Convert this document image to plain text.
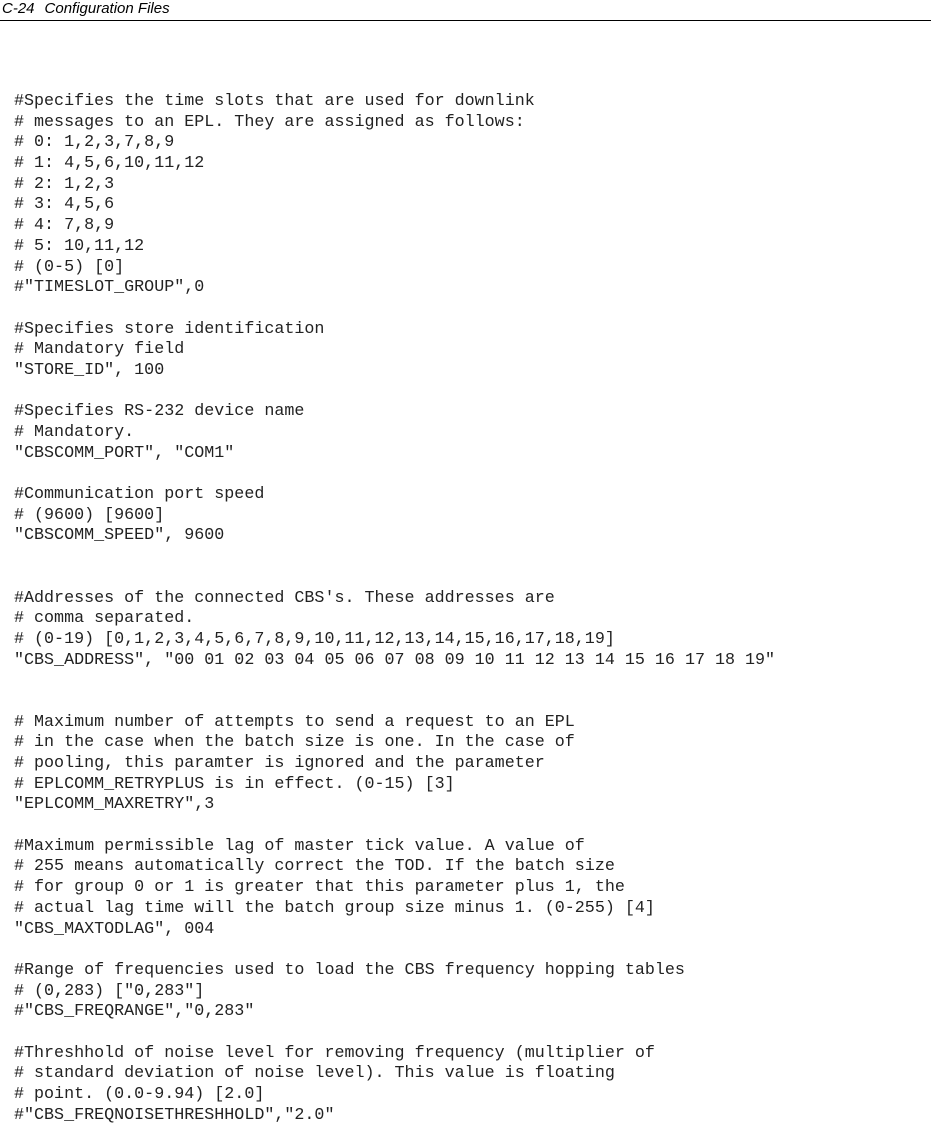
C-24 Configuration Files
#Specifies the time slots that are used for downlink
# messages to an EPL. They are assigned as follows:
# 0: 1,2,3,7,8,9
# 1: 4,5,6,10,11,12
# 2: 1,2,3
# 3: 4,5,6
# 4: 7,8,9
# 5: 10,11,12
# (0-5) [0]
#"TIMESLOT_GROUP",0
#Specifies store identification
# Mandatory field
"STORE_ID", 100
#Specifies RS-232 device name
# Mandatory.
"CBSCOMM_PORT", "COM1"
#Communication port speed
# (9600) [9600]
"CBSCOMM_SPEED", 9600
#Addresses of the connected CBS's. These addresses are
# comma separated.
# (0-19) [0,1,2,3,4,5,6,7,8,9,10,11,12,13,14,15,16,17,18,19]
"CBS_ADDRESS", "00 01 02 03 04 05 06 07 08 09 10 11 12 13 14 15 16 17 18 19"
# Maximum number of attempts to send a request to an EPL
# in the case when the batch size is one. In the case of
# pooling, this paramter is ignored and the parameter
# EPLCOMM_RETRYPLUS is in effect. (0-15) [3]
"EPLCOMM_MAXRETRY",3
#Maximum permissible lag of master tick value. A value of
# 255 means automatically correct the TOD. If the batch size
# for group 0 or 1 is greater that this parameter plus 1, the
# actual lag time will the batch group size minus 1. (0-255) [4]
"CBS_MAXTODLAG", 004
#Range of frequencies used to load the CBS frequency hopping tables
# (0,283) ["0,283"]
#"CBS_FREQRANGE","0,283"
#Threshhold of noise level for removing frequency (multiplier of
# standard deviation of noise level). This value is floating
# point. (0.0-9.94) [2.0]
#"CBS_FREQNOISETHRESHHOLD","2.0"
